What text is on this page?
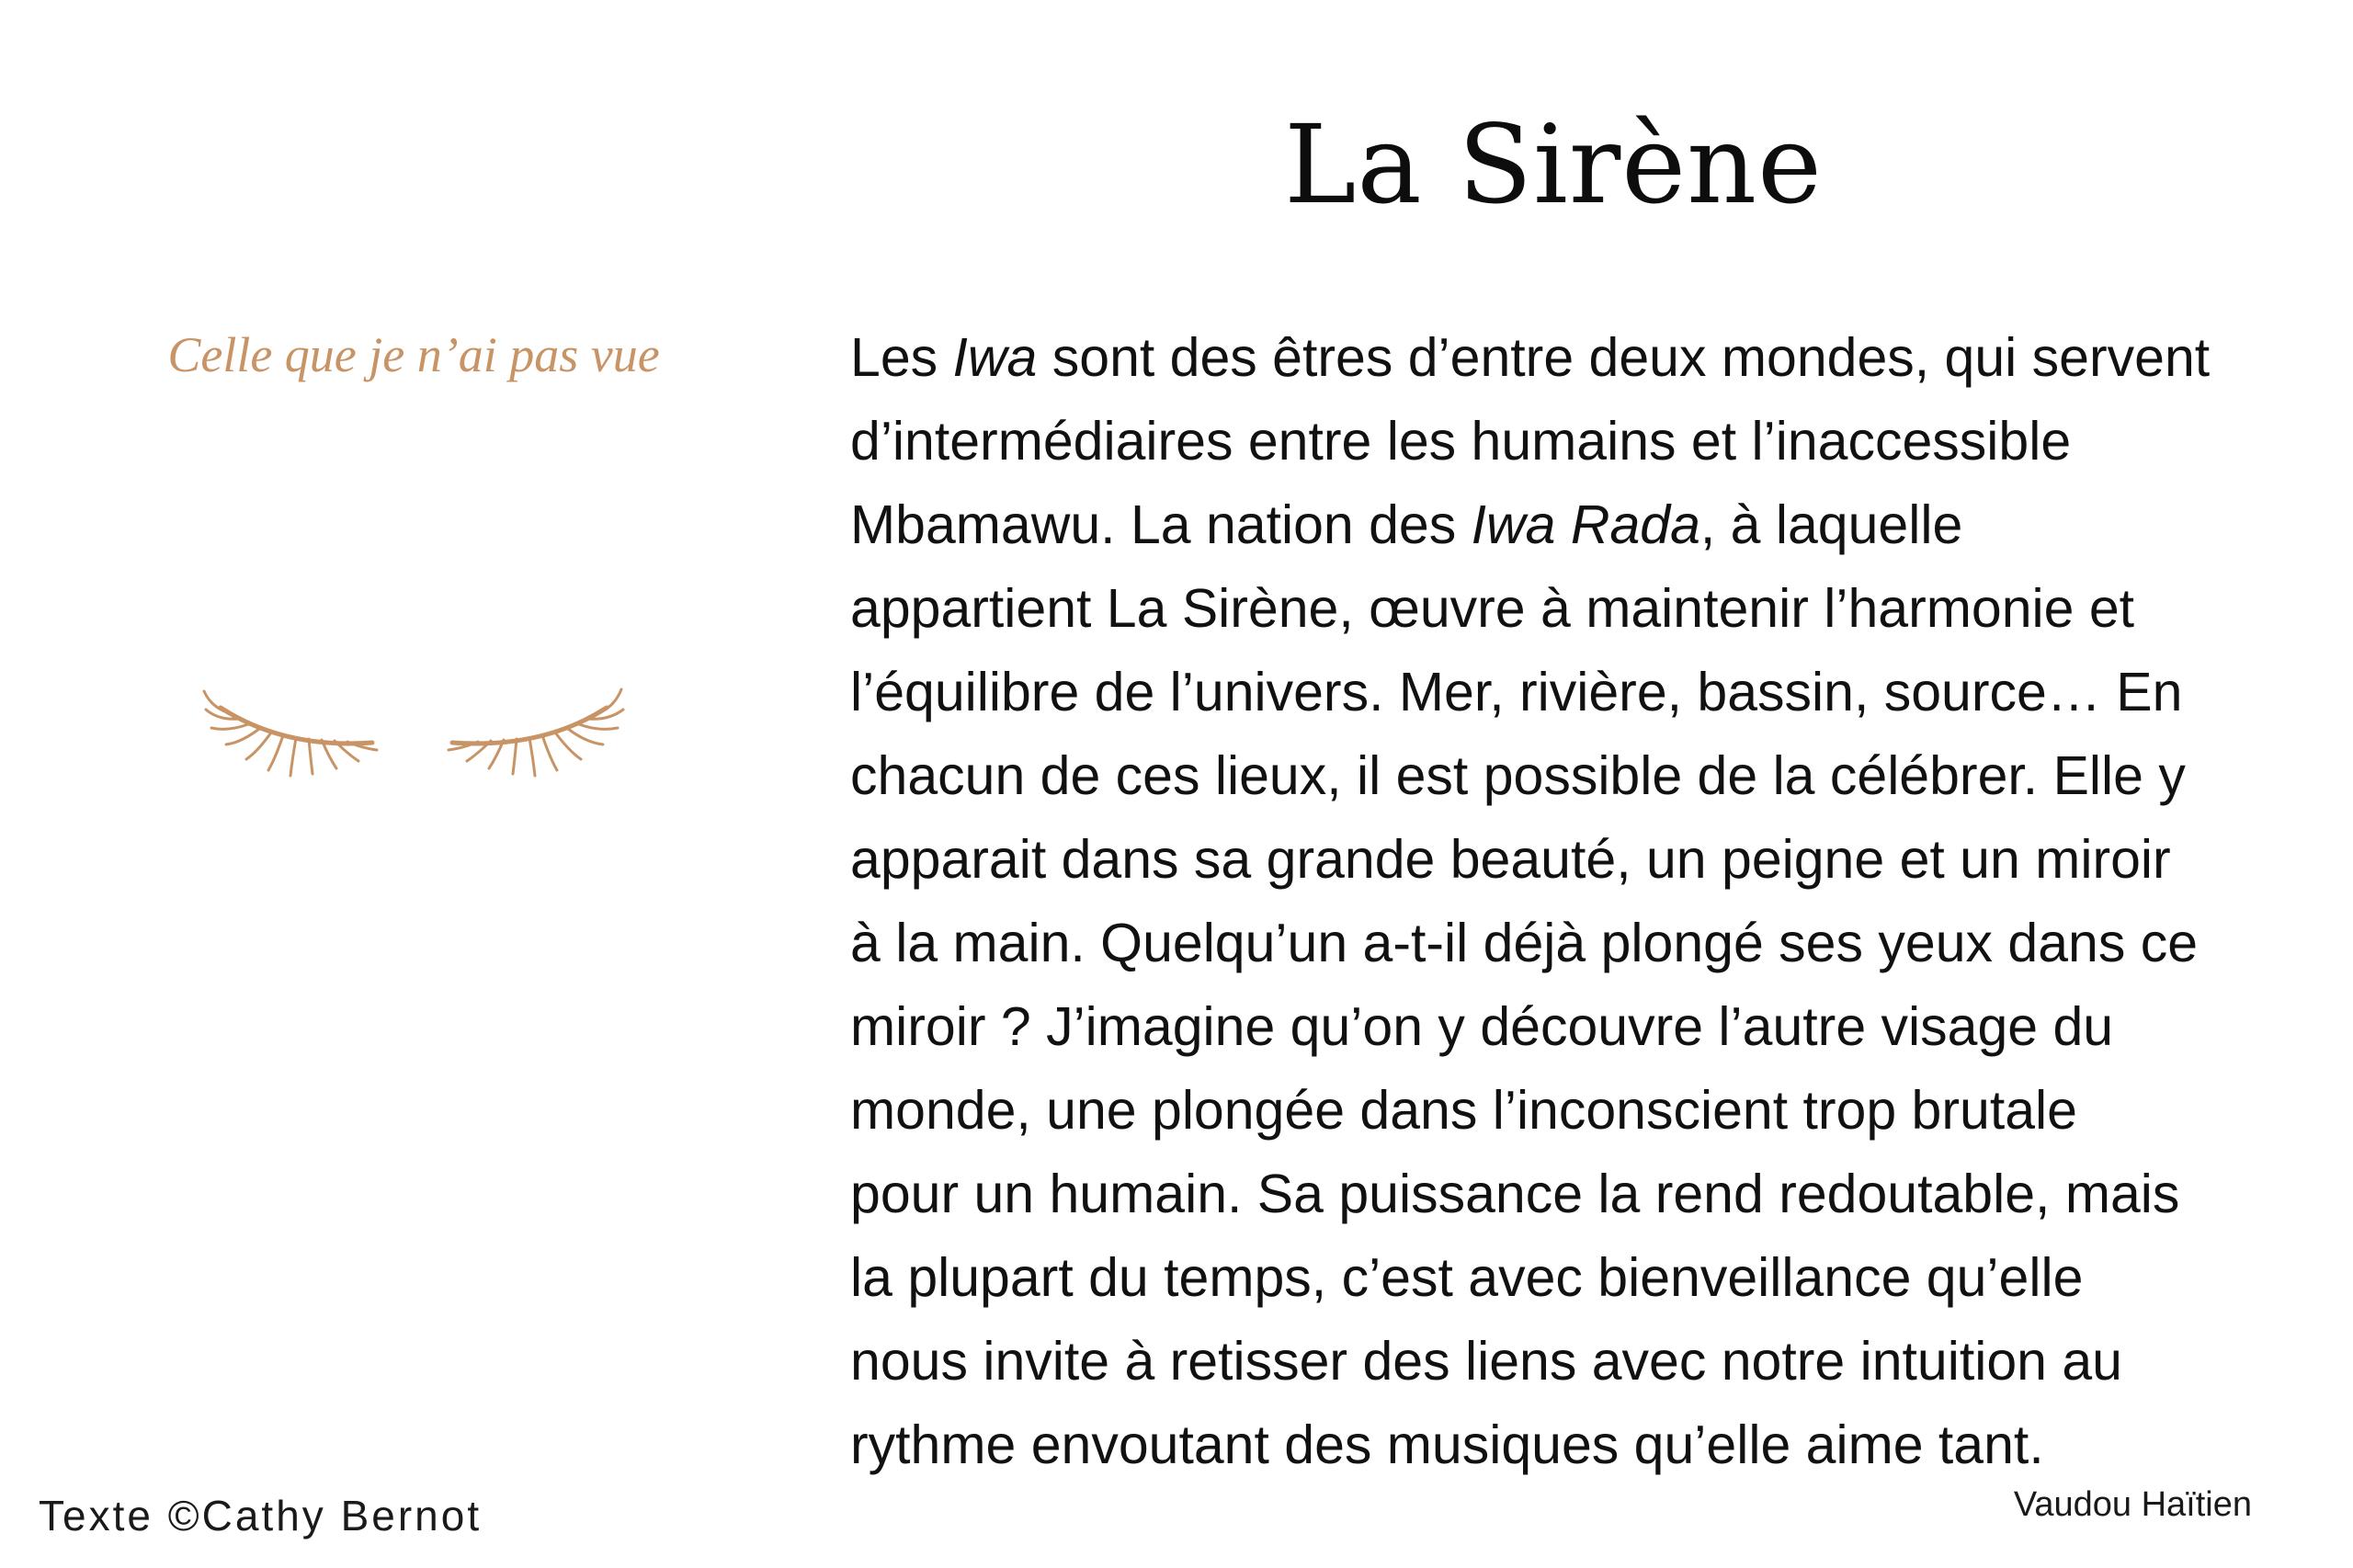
La Sirène
Celle que je n’ai pas vue	Les Iwa sont des êtres d’entre deux mondes, qui servent
d’intermédiaires entre les humains et l’inaccessible
Mbamawu. La nation des Iwa Rada, à laquelle
appartient La Sirène, œuvre à maintenir l’harmonie et
l’équilibre de l’univers. Mer, rivière, bassin, source… En
chacun de ces lieux, il est possible de la célébrer. Elle y
apparait dans sa grande beauté, un peigne et un miroir
à la main. Quelqu’un a-t-il déjà plongé ses yeux dans ce
miroir ? J’imagine qu’on y découvre l’autre visage du
monde, une plongée dans l’inconscient trop brutale
pour un humain. Sa puissance la rend redoutable, mais
la plupart du temps, c’est avec bienveillance qu’elle
nous invite à retisser des liens avec notre intuition au
rythme envoutant des musiques qu’elle aime tant.

Texte ©Cathy Bernot	Vaudou Haïtien
